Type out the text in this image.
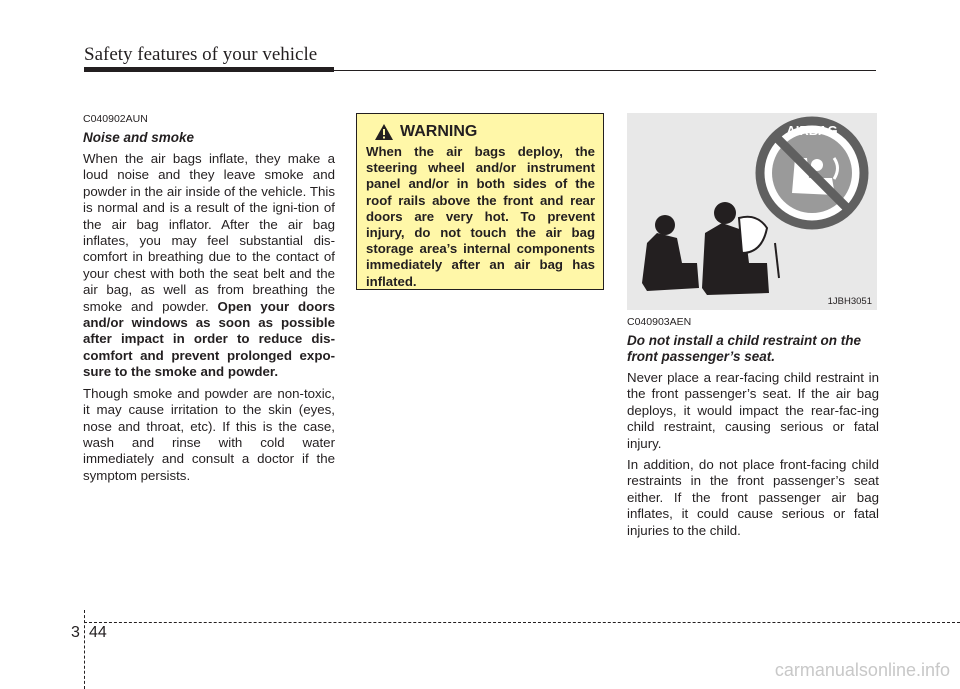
Safety features of your vehicle
C040902AUN
Noise and smoke

When the air bags inflate, they make a loud noise and they leave smoke and powder in the air inside of the vehicle. This is normal and is a result of the igni-tion of the air bag inflator. After the air bag inflates, you may feel substantial dis-comfort in breathing due to the contact of your chest with both the seat belt and the air bag, as well as from breathing the smoke and powder. Open your doors and/or windows as soon as possible after impact in order to reduce dis-comfort and prevent prolonged expo-sure to the smoke and powder.

Though smoke and powder are non-toxic, it may cause irritation to the skin (eyes, nose and throat, etc). If this is the case, wash and rinse with cold water immediately and consult a doctor if the symptom persists.

WARNING
When the air bags deploy, the steering wheel and/or instrument panel and/or in both sides of the roof rails above the front and rear doors are very hot. To prevent injury, do not touch the air bag storage area’s internal components immediately after an air bag has inflated.
AIRBAG
1JBH3051
C040903AEN
Do not install a child restraint on the front passenger’s seat.

Never place a rear-facing child restraint in the front passenger’s seat. If the air bag deploys, it would impact the rear-fac-ing child restraint, causing serious or fatal injury.

In addition, do not place front-facing child restraints in the front passenger’s seat either. If the front passenger air bag inflates, it could cause serious or fatal injuries to the child.

3 44
carmanualsonline.info
